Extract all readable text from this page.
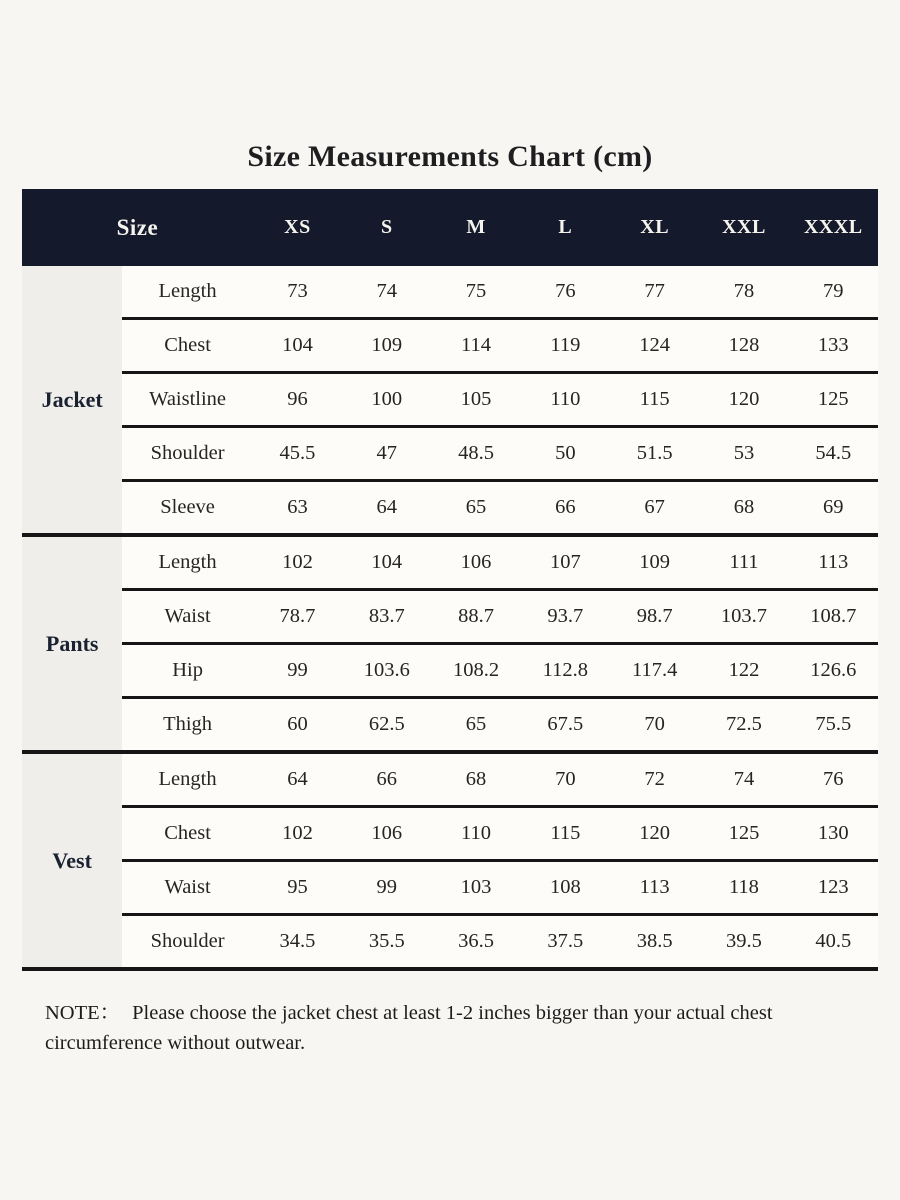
Size Measurements Chart (cm)
Size		XS	S	M	L	XL	XXL	XXXL
Jacket	Length	73	74	75	76	77	78	79
	Chest	104	109	114	119	124	128	133
	Waistline	96	100	105	110	115	120	125
	Shoulder	45.5	47	48.5	50	51.5	53	54.5
	Sleeve	63	64	65	66	67	68	69
Pants	Length	102	104	106	107	109	111	113
	Waist	78.7	83.7	88.7	93.7	98.7	103.7	108.7
	Hip	99	103.6	108.2	112.8	117.4	122	126.6
	Thigh	60	62.5	65	67.5	70	72.5	75.5
Vest	Length	64	66	68	70	72	74	76
	Chest	102	106	110	115	120	125	130
	Waist	95	99	103	108	113	118	123
	Shoulder	34.5	35.5	36.5	37.5	38.5	39.5	40.5

NOTE： Please choose the jacket chest at least 1-2 inches bigger than your actual chest circumference without outwear.
